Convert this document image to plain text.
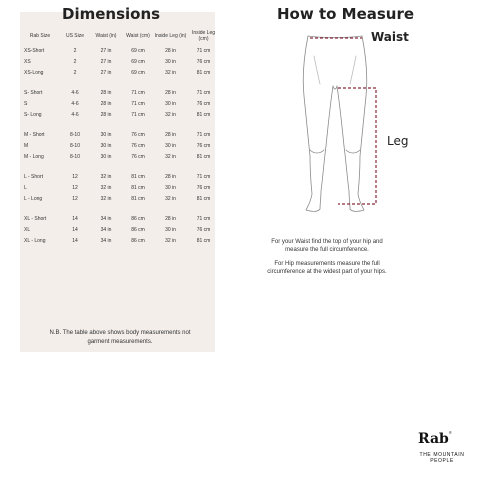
Dimensions	How to Measure
Rab Size	US Size	Waist (in)	Waist (cm)	Inside Leg (in)	Inside Leg (cm)
XS-Short	2	27 in	69 cm	28 in	71 cm
XS	2	27 in	69 cm	30 in	76 cm
XS-Long	2	27 in	69 cm	32 in	81 cm

S- Short	4-6	28 in	71 cm	28 in	71 cm
S	4-6	28 in	71 cm	30 in	76 cm
S- Long	4-6	28 in	71 cm	32 in	81 cm

M - Short	8-10	30 in	76 cm	28 in	71 cm
M	8-10	30 in	76 cm	30 in	76 cm
M - Long	8-10	30 in	76 cm	32 in	81 cm

L - Short	12	32 in	81 cm	28 in	71 cm
L	12	32 in	81 cm	30 in	76 cm
L - Long	12	32 in	81 cm	32 in	81 cm

XL - Short	14	34 in	86 cm	28 in	71 cm
XL	14	34 in	86 cm	30 in	76 cm
XL - Long	14	34 in	86 cm	32 in	81 cm
N.B. The table above shows body measurements not garment measurements.
Waist
Leg
For your Waist find the top of your hip and measure the full circumference.
For Hip measurements measure the full circumference at the widest part of your hips.
Rab®
THE MOUNTAIN PEOPLE
